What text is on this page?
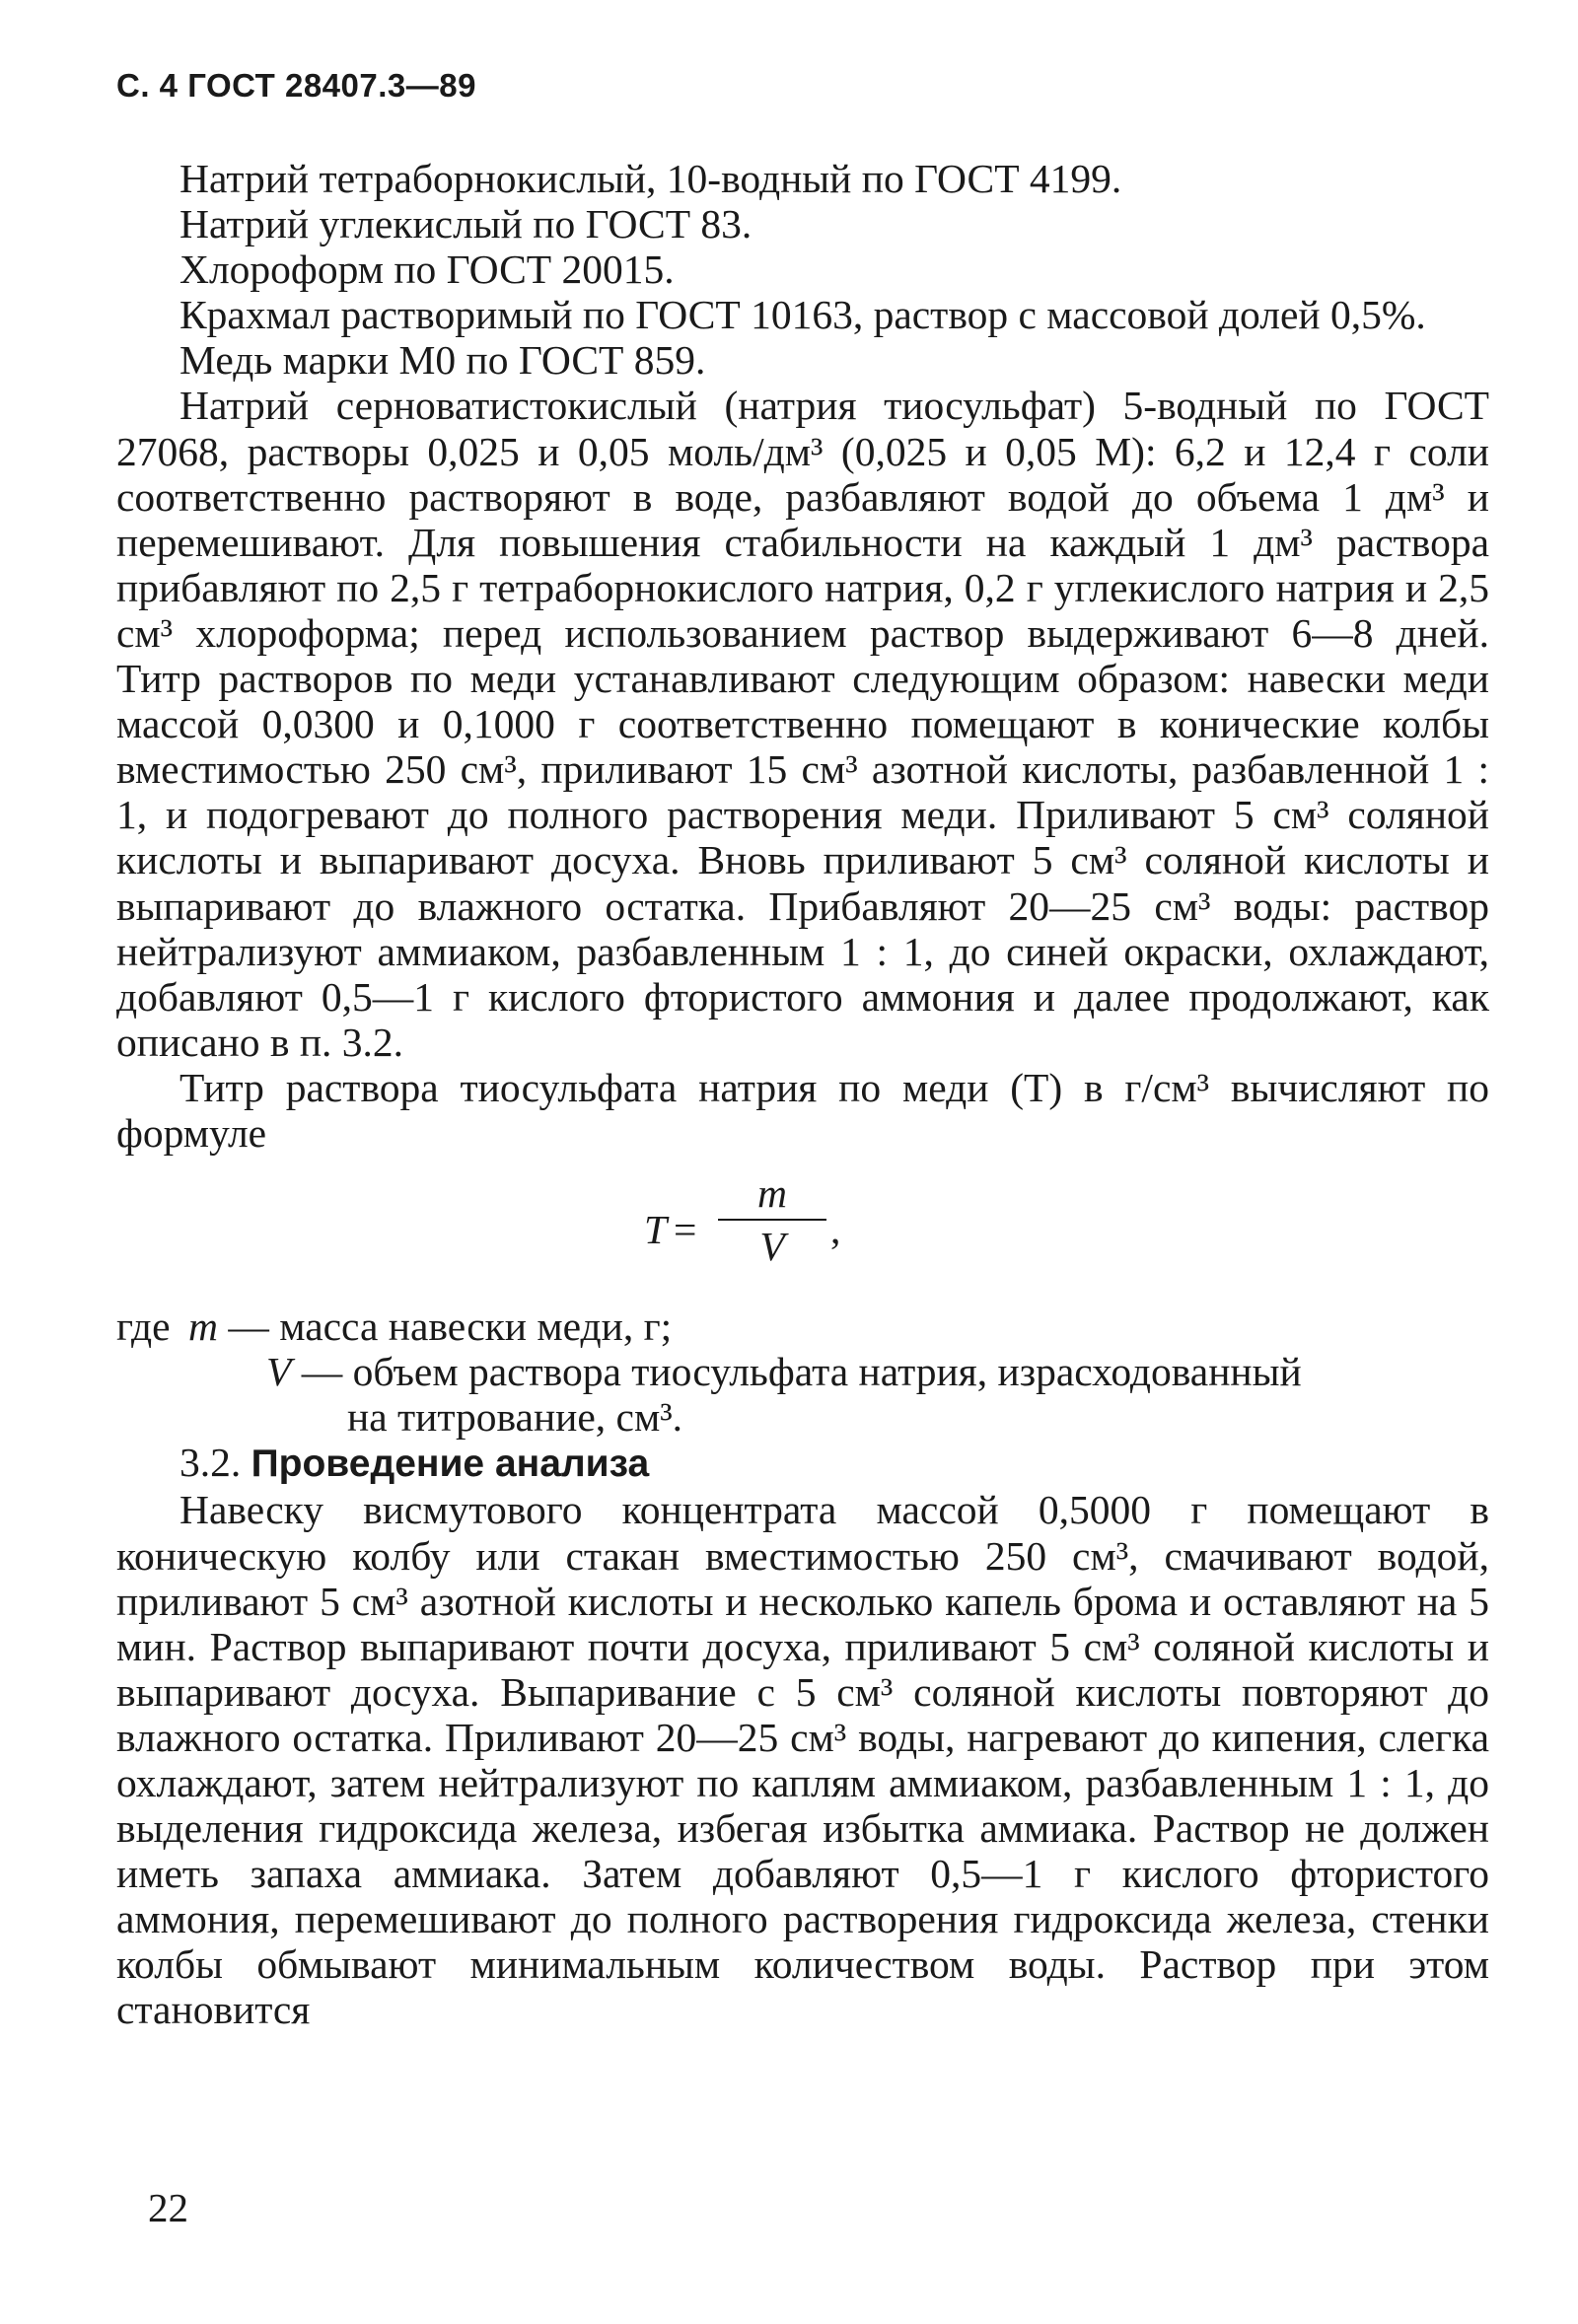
С. 4 ГОСТ 28407.3—89

Натрий тетраборнокислый, 10-водный по ГОСТ 4199.

Натрий углекислый по ГОСТ 83.

Хлороформ по ГОСТ 20015.

Крахмал растворимый по ГОСТ 10163, раствор с массовой долей 0,5%.

Медь марки М0 по ГОСТ 859.

Натрий серноватистокислый (натрия тиосульфат) 5-водный по ГОСТ 27068, растворы 0,025 и 0,05 моль/дм³ (0,025 и 0,05 М): 6,2 и 12,4 г соли соответственно растворяют в воде, разбавляют водой до объема 1 дм³ и перемешивают. Для повышения стабильности на каждый 1 дм³ раствора прибавляют по 2,5 г тетраборнокислого натрия, 0,2 г углекислого натрия и 2,5 см³ хлороформа; перед использованием раствор выдерживают 6—8 дней. Титр растворов по меди устанавливают следующим образом: навески меди массой 0,0300 и 0,1000 г соответственно помещают в конические колбы вместимостью 250 см³, приливают 15 см³ азотной кислоты, разбавленной 1 : 1, и подогревают до полного растворения меди. Приливают 5 см³ соляной кислоты и выпаривают досуха. Вновь приливают 5 см³ соляной кислоты и выпаривают до влажного остатка. Прибавляют 20—25 см³ воды: раствор нейтрализуют аммиаком, разбавленным 1 : 1, до синей окраски, охлаждают, добавляют 0,5—1 г кислого фтористого аммония и далее продолжают, как описано в п. 3.2.

Титр раствора тиосульфата натрия по меди (T) в г/см³ вычисляют по формуле

T =
m
V	,

где m — масса навески меди, г;

V — объем раствора тиосульфата натрия, израсходованный
на титрование, см³.

3.2. Проведение анализа

Навеску висмутового концентрата массой 0,5000 г помещают в коническую колбу или стакан вместимостью 250 см³, смачивают водой, приливают 5 см³ азотной кислоты и несколько капель брома и оставляют на 5 мин. Раствор выпаривают почти досуха, приливают 5 см³ соляной кислоты и выпаривают досуха. Выпаривание с 5 см³ соляной кислоты повторяют до влажного остатка. Приливают 20—25 см³ воды, нагревают до кипения, слегка охлаждают, затем нейтрализуют по каплям аммиаком, разбавленным 1 : 1, до выделения гидроксида железа, избегая избытка аммиака. Раствор не должен иметь запаха аммиака. Затем добавляют 0,5—1 г кислого фтористого аммония, перемешивают до полного растворения гидроксида железа, стенки колбы обмывают минимальным количеством воды. Раствор при этом становится

22
